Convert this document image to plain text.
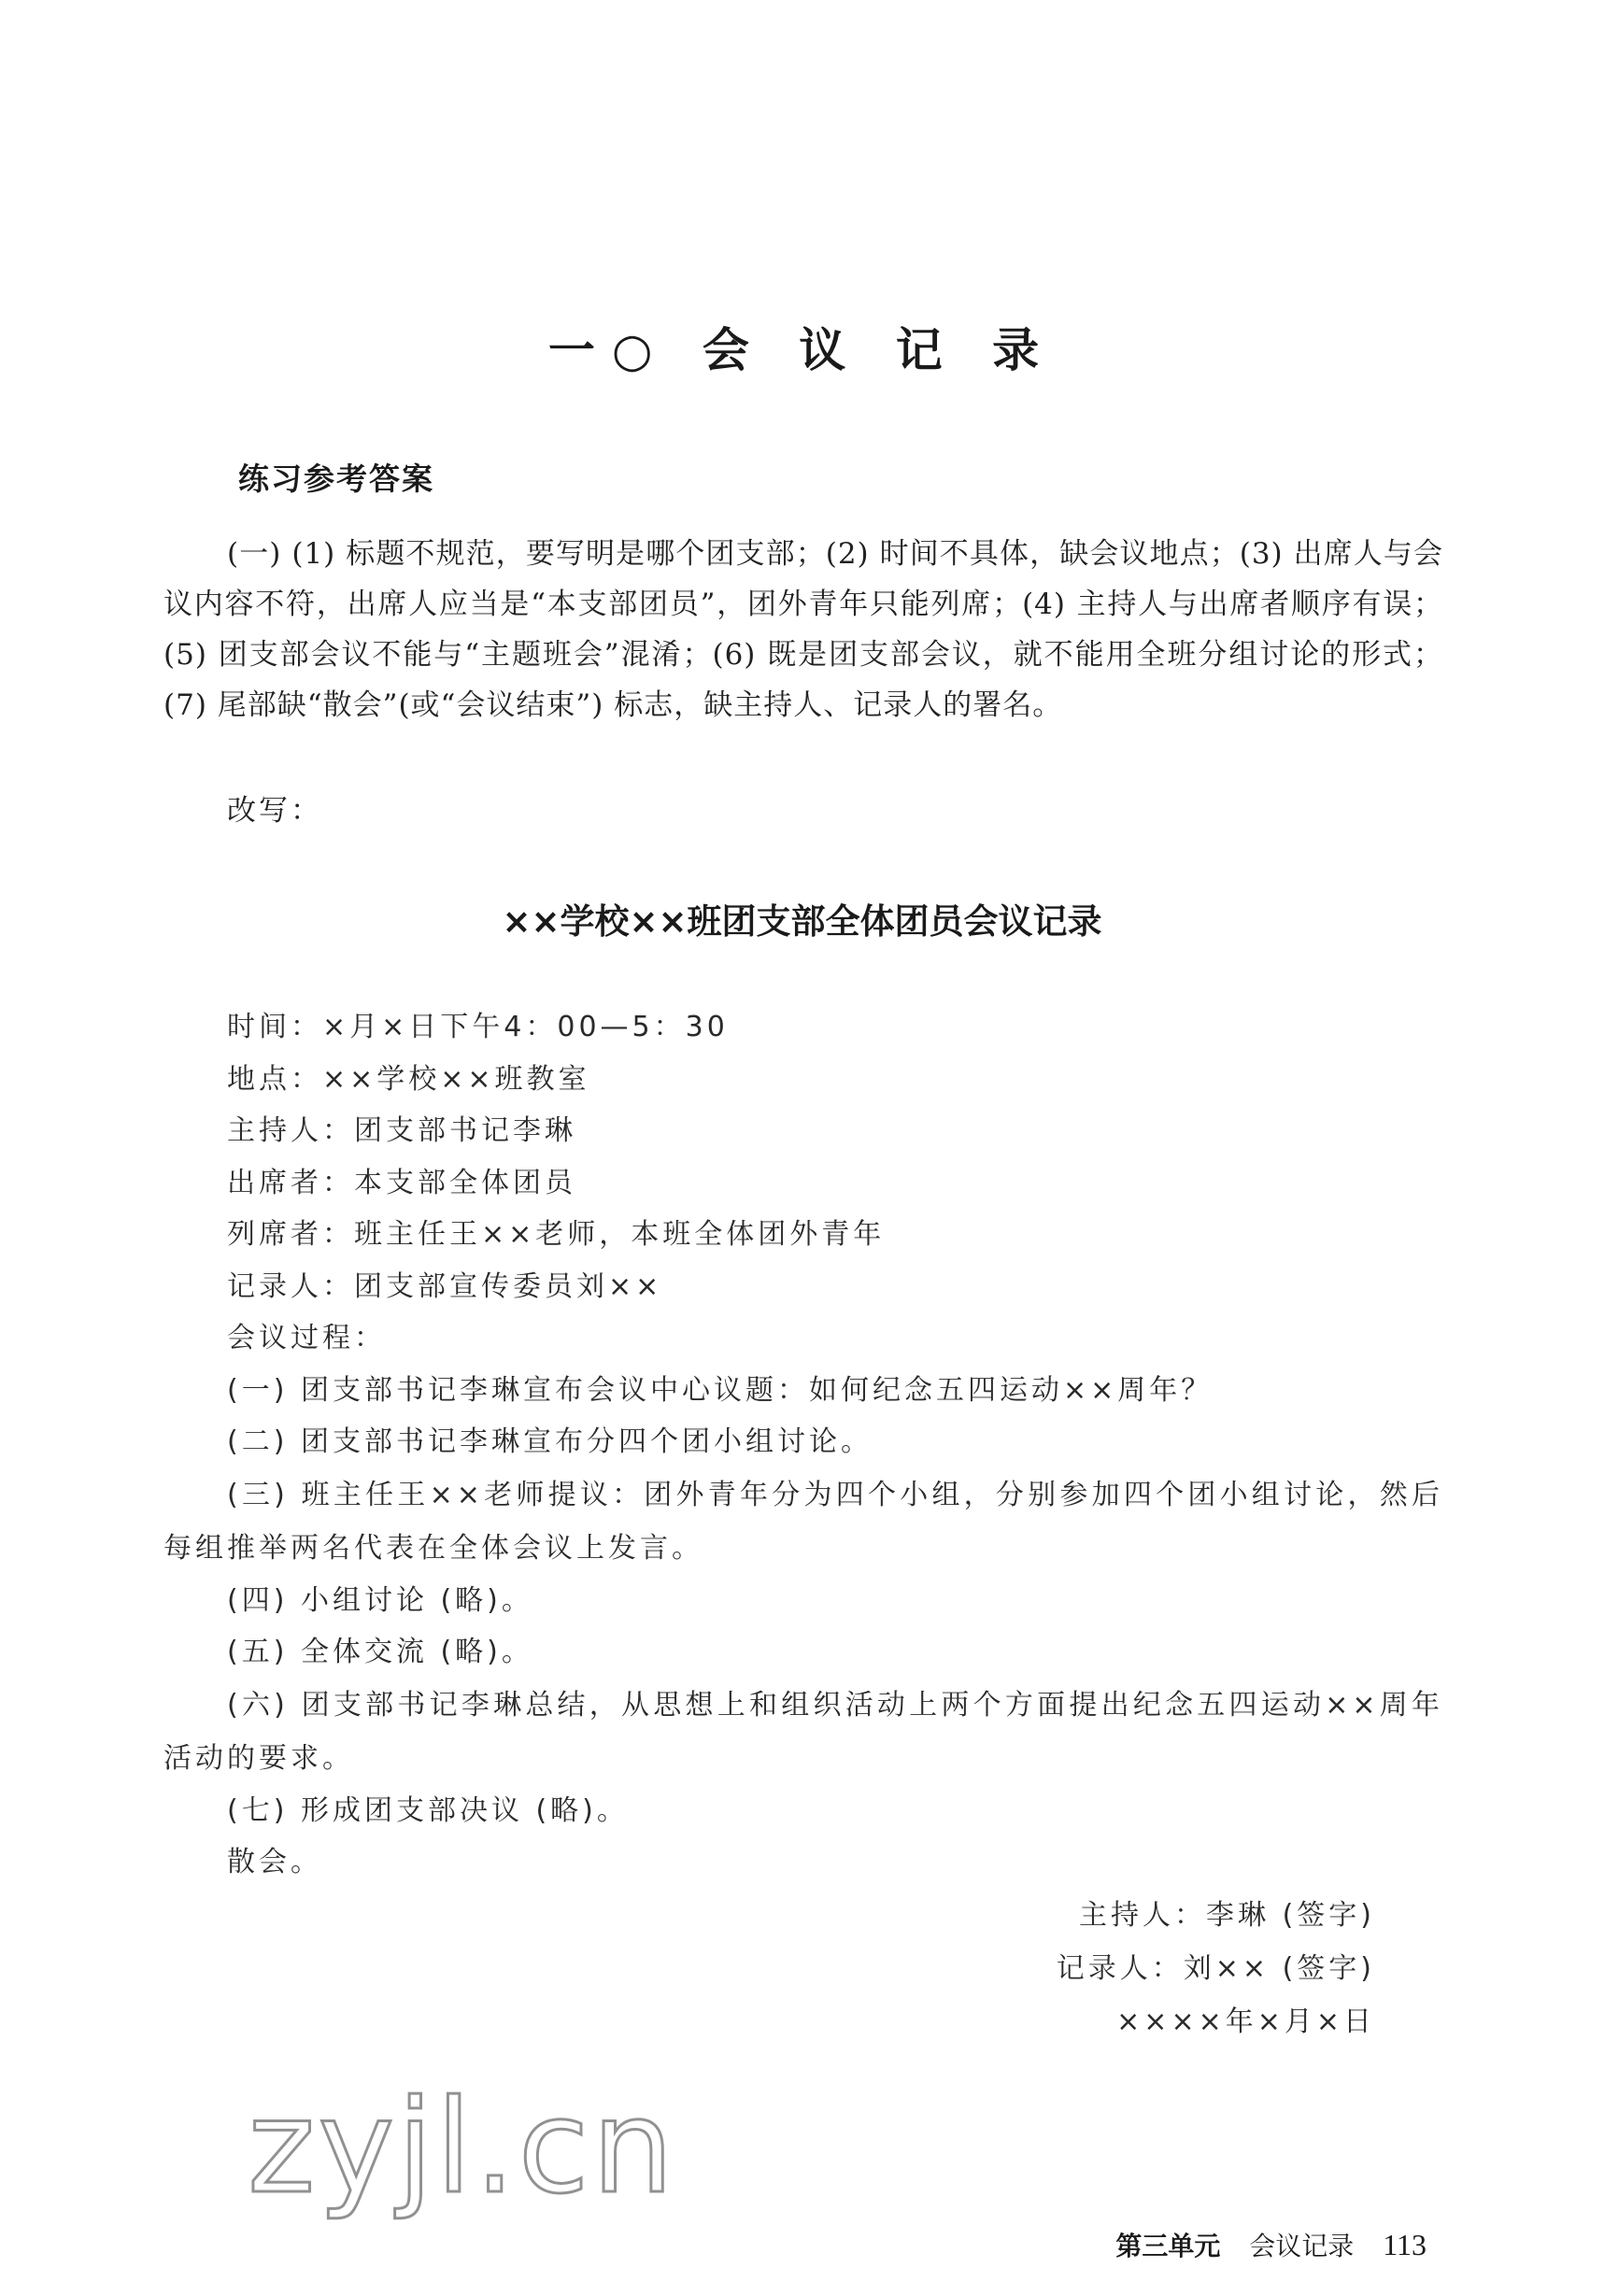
一○ 会 议 记 录
练习参考答案

(一) (1) 标题不规范，要写明是哪个团支部；(2) 时间不具体，缺会议地点；(3) 出席人与会议内容不符，出席人应当是“本支部团员”，团外青年只能列席；(4) 主持人与出席者顺序有误；(5) 团支部会议不能与“主题班会”混淆；(6) 既是团支部会议，就不能用全班分组讨论的形式；(7) 尾部缺“散会”(或“会议结束”) 标志，缺主持人、记录人的署名。

改写：
××学校××班团支部全体团员会议记录
时间：×月×日下午4：00—5：30
地点：××学校××班教室
主持人：团支部书记李琳
出席者：本支部全体团员
列席者：班主任王××老师，本班全体团外青年
记录人：团支部宣传委员刘××
会议过程：
(一) 团支部书记李琳宣布会议中心议题：如何纪念五四运动××周年？
(二) 团支部书记李琳宣布分四个团小组讨论。

(三) 班主任王××老师提议：团外青年分为四个小组，分别参加四个团小组讨论，然后每组推举两名代表在全体会议上发言。

(四) 小组讨论 (略)。
(五) 全体交流 (略)。

(六) 团支部书记李琳总结，从思想上和组织活动上两个方面提出纪念五四运动××周年活动的要求。

(七) 形成团支部决议 (略)。
散会。
主持人：李琳 (签字)
记录人：刘×× (签字)
××××年×月×日
zyjl.cn
第三单元 会议记录 113
